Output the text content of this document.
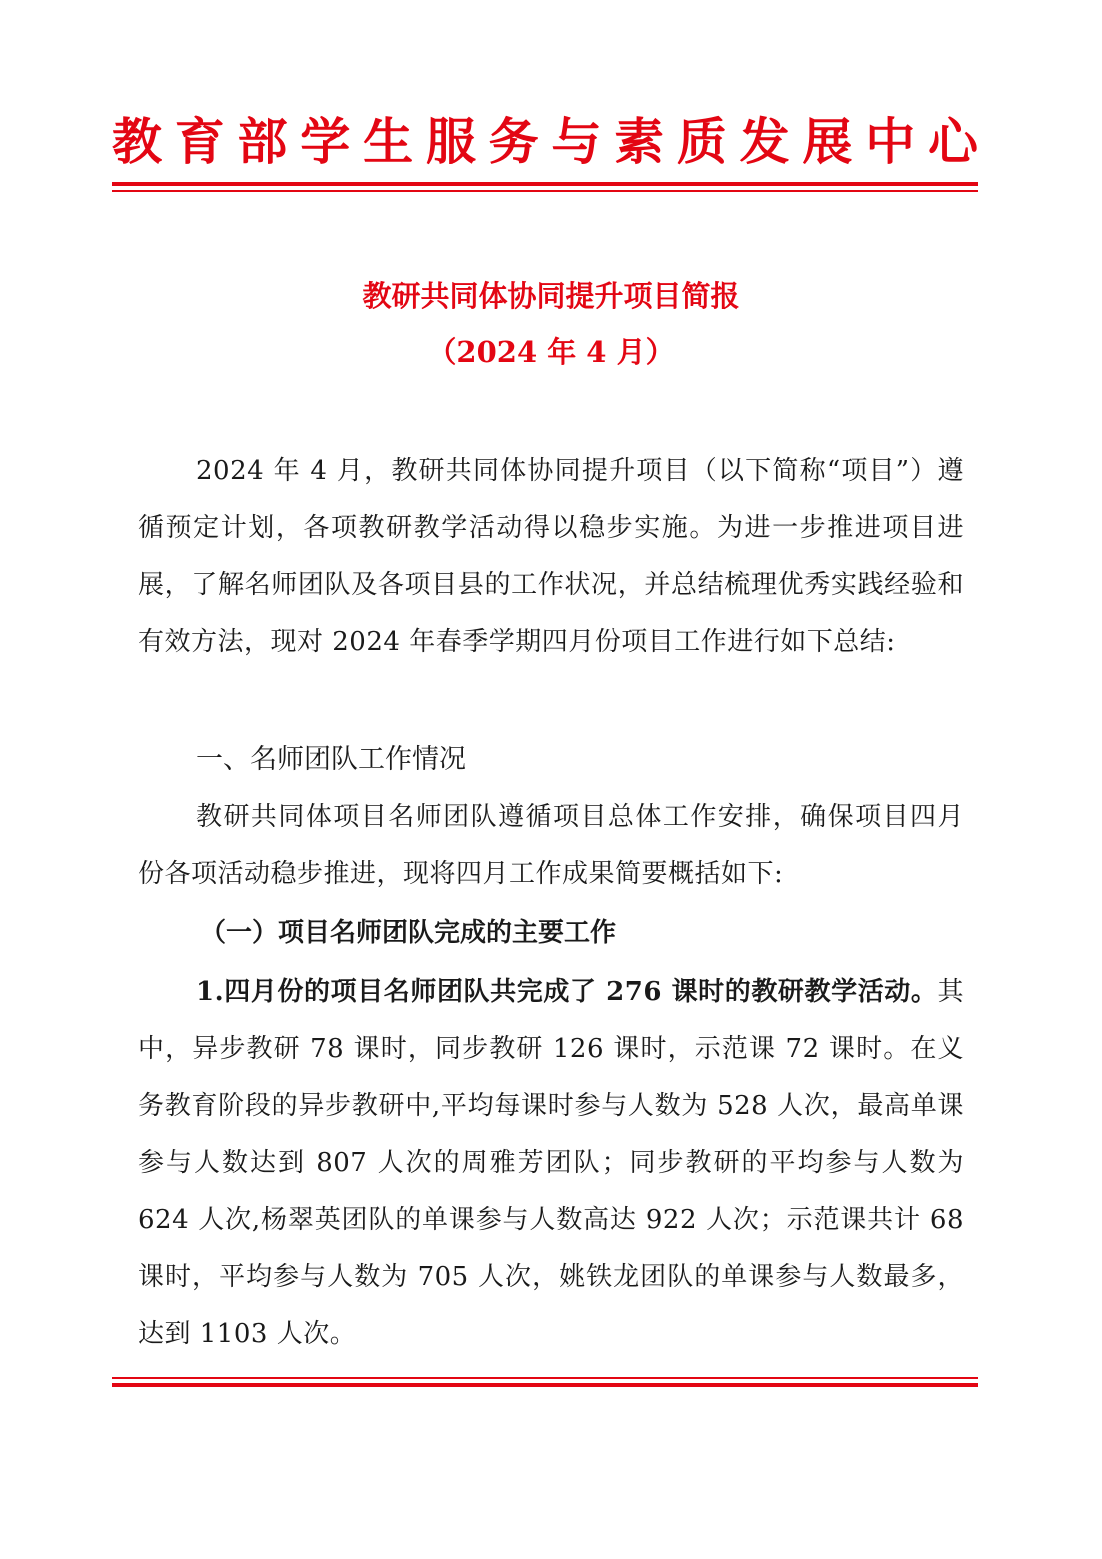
教 育 部 学 生 服 务 与 素 质 发 展 中 心
教研共同体协同提升项目简报
（2024 年 4 月）

2024 年 4 月，教研共同体协同提升项目（以下简称“项目”）遵循预定计划，各项教研教学活动得以稳步实施。为进一步推进项目进展，了解名师团队及各项目县的工作状况，并总结梳理优秀实践经验和有效方法，现对 2024 年春季学期四月份项目工作进行如下总结:

一、名师团队工作情况

教研共同体项目名师团队遵循项目总体工作安排，确保项目四月份各项活动稳步推进，现将四月工作成果简要概括如下:

（一）项目名师团队完成的主要工作

1.四月份的项目名师团队共完成了 276 课时的教研教学活动。其中，异步教研 78 课时，同步教研 126 课时，示范课 72 课时。在义务教育阶段的异步教研中,平均每课时参与人数为 528 人次，最高单课参与人数达到 807 人次的周雅芳团队；同步教研的平均参与人数为 624 人次,杨翠英团队的单课参与人数高达 922 人次；示范课共计 68 课时，平均参与人数为 705 人次，姚铁龙团队的单课参与人数最多，达到 1103 人次。
